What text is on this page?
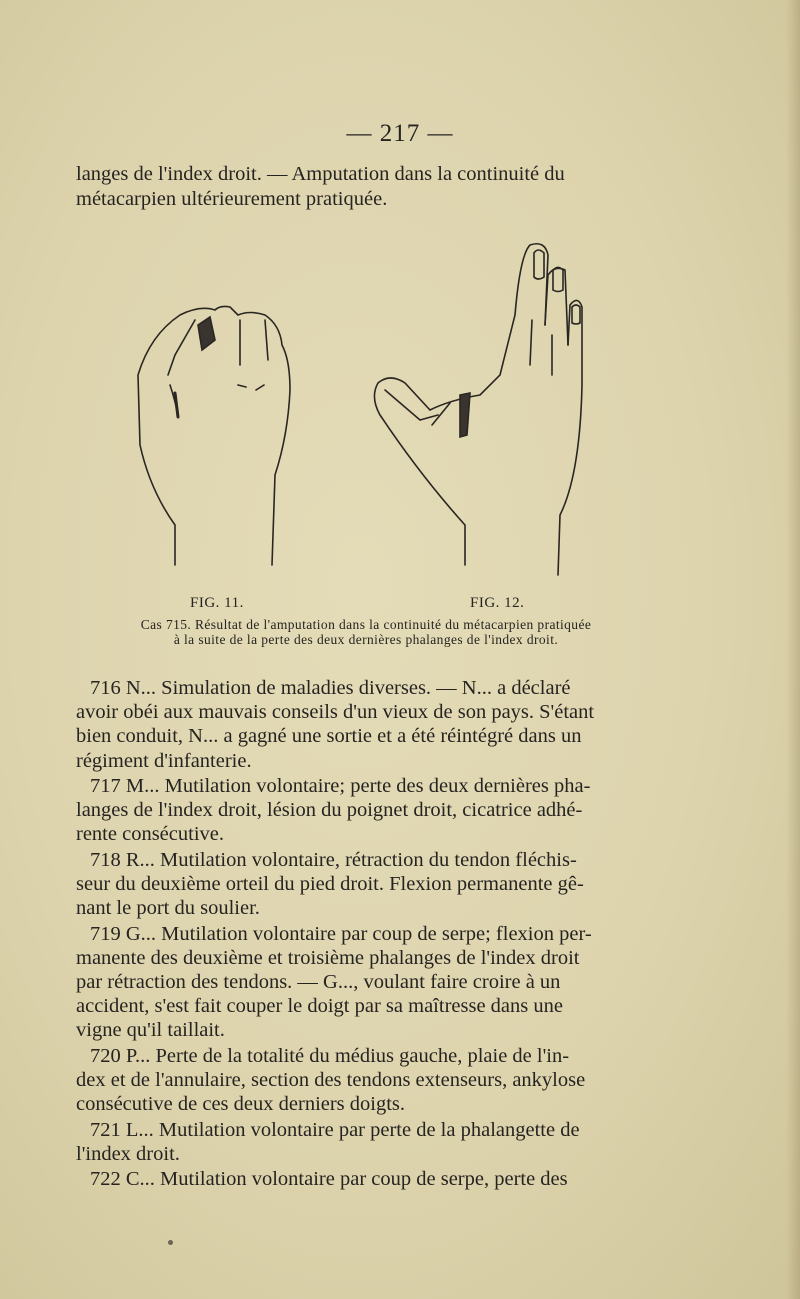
— 217 —

langes de l'index droit. — Amputation dans la continuité du
métacarpien ultérieurement pratiquée.

FIG. 11.	FIG. 12.
Cas 715. Résultat de l'amputation dans la continuité du métacarpien pratiquée
à la suite de la perte des deux dernières phalanges de l'index droit.

716 N... Simulation de maladies diverses. — N... a déclaré
avoir obéi aux mauvais conseils d'un vieux de son pays. S'étant
bien conduit, N... a gagné une sortie et a été réintégré dans un
régiment d'infanterie.

717 M... Mutilation volontaire; perte des deux dernières pha-
langes de l'index droit, lésion du poignet droit, cicatrice adhé-
rente consécutive.

718 R... Mutilation volontaire, rétraction du tendon fléchis-
seur du deuxième orteil du pied droit. Flexion permanente gê-
nant le port du soulier.

719 G... Mutilation volontaire par coup de serpe; flexion per-
manente des deuxième et troisième phalanges de l'index droit
par rétraction des tendons. — G..., voulant faire croire à un
accident, s'est fait couper le doigt par sa maîtresse dans une
vigne qu'il taillait.

720 P... Perte de la totalité du médius gauche, plaie de l'in-
dex et de l'annulaire, section des tendons extenseurs, ankylose
consécutive de ces deux derniers doigts.

721 L... Mutilation volontaire par perte de la phalangette de
l'index droit.

722 C... Mutilation volontaire par coup de serpe, perte des
